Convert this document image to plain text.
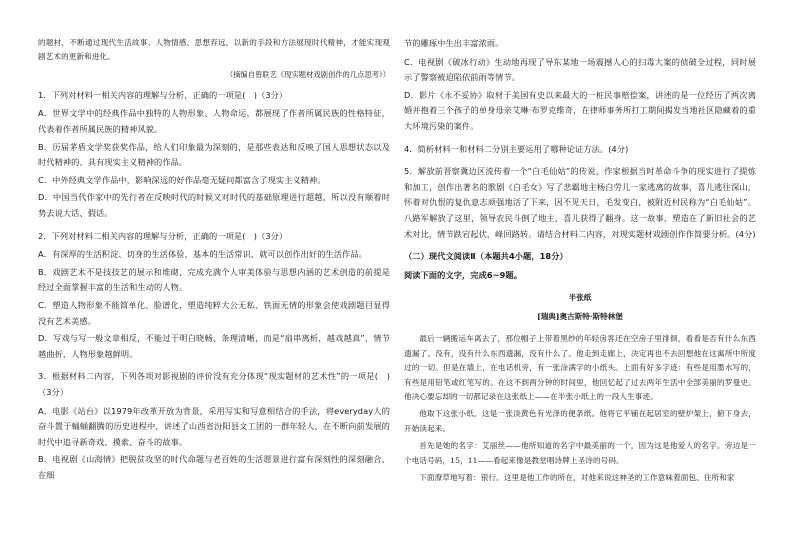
的题材，不断通过现代生活故事、人物情感、思想弃远，以新的手段和方法展现时代精神，才能实现观剧艺术的更新和进化。

（摘编自曾联艺《现实题材戏剧创作的几点思考》）

1．下列对材料一相关内容的理解与分析，正确的一项是(　)（3分）

A．世界文学中的经典作品中独特的人物形象、人物命运，都展现了作者所属民族的性格特征，代表着作者所属民族的精神风貌。

B．历届茅盾文学奖获奖作品，给人们印象最为深刻的，是那些表达和反映了国人思想状态以及时代精神的、具有现实主义精神的作品。

C．中外经典文学作品中，影响深远的好作品毫无疑问都富含了现实主义精神。

D．中国当代作家中的先行者在反映时代的时候又对时代的基础原理进行超越，所以没有顺着时势去说大话、假话。

2．下列对材料二相关内容的理解与分析，正确的一项是(　)（3分）

A．有深厚的生活积淀、切身的生活体验，基本的生活常识，就可以创作出好的生活作品。

B．戏剧艺术不是技技艺的展示和堆砌，完成充满个人审美体验与思想内涵的艺术创造的前提是经过全面掌握丰富的生活和生动的人物。

C．塑造人物形象不能简单化、脸谱化，塑造纯粹大公无私、铁面无情的形象会使戏剧题目显得没有艺术美感。

D．写戏与写一般文章相反，不能过于明白晓畅、条理清晰，而是“扇串离析，越戏越真”，情节越曲折，人物形象越鲜明。

3．根据材料二内容，下列各项对影视剧的评价没有充分体现“现实题材的艺术性”的一项是(　)（3分）

A．电影《站台》以1979年改革开放为背景，采用写实和写意相结合的手法，将everyday人的奋斗置于蛹蛹翻腾的历史进程中，讲述了山西省汾阳县文工团的一群年轻人，在不断向前发展的时代中追寻新奇戏、摸索、奋斗的故事。

B．电视剧《山海情》把脱贫攻坚的时代命题与老百姓的生活愿景进行富有深刻性的深刻融合，在细

节的雕琢中生出丰富浓雨。

C．电视剧《破冰行动》生动地再现了导东某地一场震撼人心的扫毒大案的侦破全过程，同时展示了警察被迫陷依前雨等情节。

D．影片《永不妥协》取材于美国有史以来最大的一桩民事赔偿案，讲述的是一位经历了两次离婚并抱着三个孩子的单身母亲艾琳·布罗克维奇，在律师事务所打工期间揭发当地社区隐藏着的重大环境污染的案件。

4．简析材料一和材料二分别主要运用了哪种论证方法。(4分)

5．解放前晋察冀边区流传着一个“白毛仙姑”的传说，作家根据当时革命斗争的现实进行了提炼和加工，创作出著名的歌剧《白毛女》写了悲霸地主杨白劳儿一家逃离的故事，喜儿逃往深山，怀着对仇恨的复仇意志顽强地活了下来，因不见天日，毛发变白，被附近村民称为“白毛仙姑”。八路军解放了这里，领导农民斗倒了地主，喜儿获得了翻身。这一故事，塑造在了新旧社会的艺术对比，情节跌宕起伏，峰回路转。请结合材料二内容，对现实题材戏剧创作作简要分析。(4分)

（二）现代文阅读Ⅱ（本题共4小题，18分）

阅读下面的文字，完成6~9题。

半张纸
[瑞典]奥古斯特·斯特林堡

最后一辆搬运车离去了，那位帽子上带着黑纱的年轻房客还在空房子里徘徊，看看是否有什么东西遗漏了。没有，没有什么东西遗漏，没有什么了。他走到走廊上，决定再也不去回想他在这寓所中所度过的一切。但是在墙上，在电话机旁，有一张涂满字的小纸头。上面有好多字迹：有些是用墨水写的，有些是用铅笔或红笔写的。在这不到两分钟的时间里，他回忆起了过去两年生活中全部美丽的罗曼史。他决心要忘却的一切都记录在这张纸上——在半张小纸上的一段人生事迹。

他取下这张小纸。这是一张淡黄色有光泽的便条纸。他将它平铺在起居室的壁炉架上，俯下身去，开始读起来。

首先是她的名字：艾丽丝——他所知道的名字中最美丽的一个，因为这是他爱人的名字。旁边是一个电话号码，15，11——看起来像是教堂唱诗牌上圣诗的号码。

下面潦草地写着：银行。这里是他工作的所在，对他来说这神圣的工作意味着面包、住所和家
